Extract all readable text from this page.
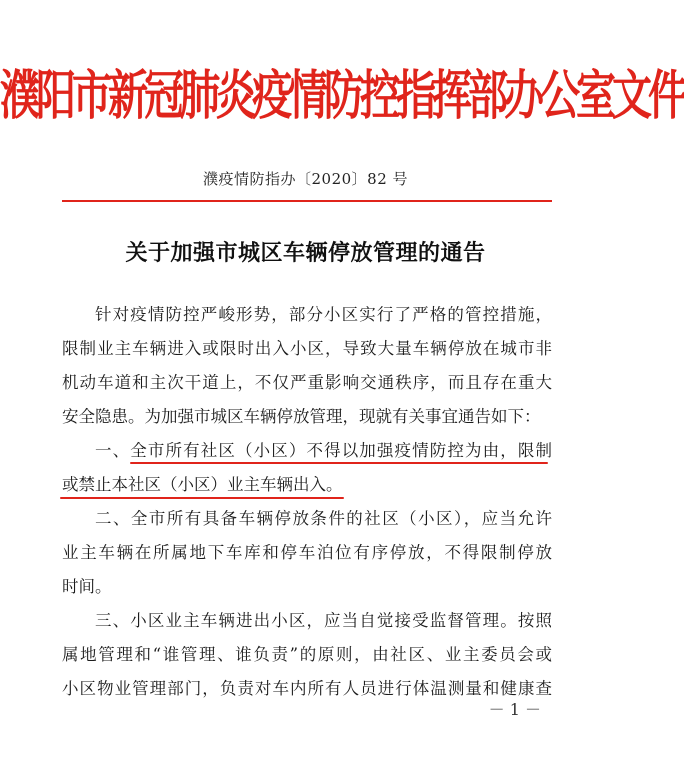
濮阳市新冠肺炎疫情防控指挥部办公室文件
濮疫情防指办〔2020〕82 号
关于加强市城区车辆停放管理的通告
针对疫情防控严峻形势，部分小区实行了严格的管控措施，
限制业主车辆进入或限时出入小区，导致大量车辆停放在城市非
机动车道和主次干道上，不仅严重影响交通秩序，而且存在重大
安全隐患。为加强市城区车辆停放管理，现就有关事宜通告如下：
一、全市所有社区（小区）不得以加强疫情防控为由，限制
或禁止本社区（小区）业主车辆出入。
二、全市所有具备车辆停放条件的社区（小区），应当允许
业主车辆在所属地下车库和停车泊位有序停放，不得限制停放
时间。
三、小区业主车辆进出小区，应当自觉接受监督管理。按照
属地管理和“谁管理、谁负责”的原则，由社区、业主委员会或
小区物业管理部门，负责对车内所有人员进行体温测量和健康查
－ 1 －
